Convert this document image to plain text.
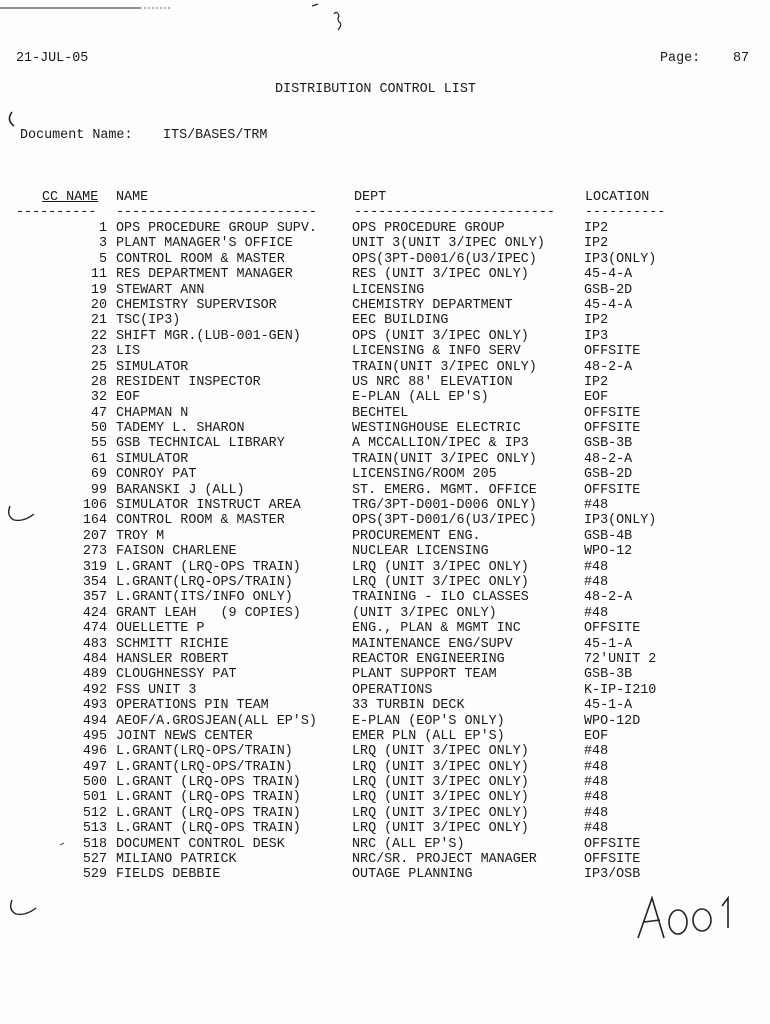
21-JUL-05	Page: 87
DISTRIBUTION CONTROL LIST
Document Name: ITS/BASES/TRM
CC_NAME NAME	DEPT	LOCATION
---------- -------------------------	------------------------- ----------
1 OPS PROCEDURE GROUP SUPV.	OPS PROCEDURE GROUP	IP2
3 PLANT MANAGER'S OFFICE	UNIT 3(UNIT 3/IPEC ONLY)	IP2
5 CONTROL ROOM & MASTER	OPS(3PT-D001/6(U3/IPEC)	IP3(ONLY)
11 RES DEPARTMENT MANAGER	RES (UNIT 3/IPEC ONLY)	45-4-A
19 STEWART ANN	LICENSING	GSB-2D
20 CHEMISTRY SUPERVISOR	CHEMISTRY DEPARTMENT	45-4-A
21 TSC(IP3)	EEC BUILDING	IP2
22 SHIFT MGR.(LUB-001-GEN)	OPS (UNIT 3/IPEC ONLY)	IP3
23 LIS	LICENSING & INFO SERV	OFFSITE
25 SIMULATOR	TRAIN(UNIT 3/IPEC ONLY)	48-2-A
28 RESIDENT INSPECTOR	US NRC 88' ELEVATION	IP2
32 EOF	E-PLAN (ALL EP'S)	EOF
47 CHAPMAN N	BECHTEL	OFFSITE
50 TADEMY L. SHARON	WESTINGHOUSE ELECTRIC	OFFSITE
55 GSB TECHNICAL LIBRARY	A MCCALLION/IPEC & IP3	GSB-3B
61 SIMULATOR	TRAIN(UNIT 3/IPEC ONLY)	48-2-A
69 CONROY PAT	LICENSING/ROOM 205	GSB-2D
99 BARANSKI J (ALL)	ST. EMERG. MGMT. OFFICE	OFFSITE
106 SIMULATOR INSTRUCT AREA	TRG/3PT-D001-D006 ONLY)	#48
164 CONTROL ROOM & MASTER	OPS(3PT-D001/6(U3/IPEC)	IP3(ONLY)
207 TROY M	PROCUREMENT ENG.	GSB-4B
273 FAISON CHARLENE	NUCLEAR LICENSING	WPO-12
319 L.GRANT (LRQ-OPS TRAIN)	LRQ (UNIT 3/IPEC ONLY)	#48
354 L.GRANT(LRQ-OPS/TRAIN)	LRQ (UNIT 3/IPEC ONLY)	#48
357 L.GRANT(ITS/INFO ONLY)	TRAINING - ILO CLASSES	48-2-A
424 GRANT LEAH   (9 COPIES)	(UNIT 3/IPEC ONLY)	#48
474 OUELLETTE P	ENG., PLAN & MGMT INC	OFFSITE
483 SCHMITT RICHIE	MAINTENANCE ENG/SUPV	45-1-A
484 HANSLER ROBERT	REACTOR ENGINEERING	72'UNIT 2
489 CLOUGHNESSY PAT	PLANT SUPPORT TEAM	GSB-3B
492 FSS UNIT 3	OPERATIONS	K-IP-I210
493 OPERATIONS PIN TEAM	33 TURBIN DECK	45-1-A
494 AEOF/A.GROSJEAN(ALL EP'S)	E-PLAN (EOP'S ONLY)	WPO-12D
495 JOINT NEWS CENTER	EMER PLN (ALL EP'S)	EOF
496 L.GRANT(LRQ-OPS/TRAIN)	LRQ (UNIT 3/IPEC ONLY)	#48
497 L.GRANT(LRQ-OPS/TRAIN)	LRQ (UNIT 3/IPEC ONLY)	#48
500 L.GRANT (LRQ-OPS TRAIN)	LRQ (UNIT 3/IPEC ONLY)	#48
501 L.GRANT (LRQ-OPS TRAIN)	LRQ (UNIT 3/IPEC ONLY)	#48
512 L.GRANT (LRQ-OPS TRAIN)	LRQ (UNIT 3/IPEC ONLY)	#48
513 L.GRANT (LRQ-OPS TRAIN)	LRQ (UNIT 3/IPEC ONLY)	#48
518 DOCUMENT CONTROL DESK	NRC (ALL EP'S)	OFFSITE
527 MILIANO PATRICK	NRC/SR. PROJECT MANAGER	OFFSITE
529 FIELDS DEBBIE	OUTAGE PLANNING	IP3/OSB
